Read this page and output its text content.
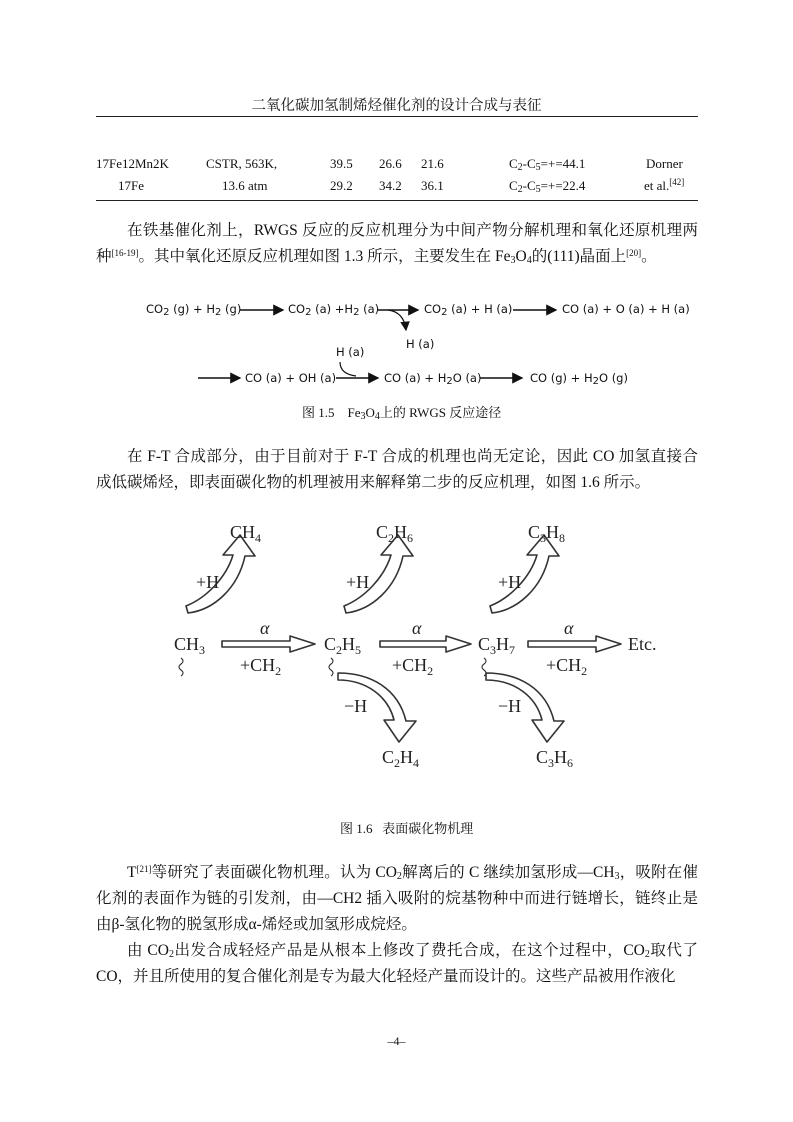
二氧化碳加氢制烯烃催化剂的设计合成与表征
17Fe12Mn2K	CSTR, 563K,	39.5 26.6 21.6	$C_2-C_5=+=44.1$	Dorner
17Fe	13.6 atm	29.2 34.2 36.1	$C_2-C_5=+=22.4$	et al.[42]
在铁基催化剂上，RWGS 反应的反应机理分为中间产物分解机理和氧化还原机理两种[16-19]。其中氧化还原反应机理如图 1.3 所示，主要发生在 $Fe_3O_4$的(111)晶面上[20]。
$CO_2$ $(g) + H_2$ (g)	$CO_2$ $(a) +H_2$ (a)	$CO_2$ (a) + H (a)	CO (a) + O (a) + H (a)
H (a)
H (a)
CO (a) + OH (a)	CO $(a) + H_2O$ (a)	CO $(g) + H_2O$ (g)
图 1.5    $Fe_3O_4$上的 RWGS 反应途径
在 F-T 合成部分，由于目前对于 F-T 合成的机理也尚无定论，因此 CO 加氢直接合成低碳烯烃，即表面碳化物的机理被用来解释第二步的反应机理，如图 1.6 所示。
$CH_4$	$C_2H_6$	$C_3H_8$
+H	+H	+H
$CH_3$	$C_2H_5$	$C_3H_7$	Etc.
α	α	α
$+CH_2$	$+CH_2$	$+CH_2$
−H	−H
$C_2H_4$	$C_3H_6$
图 1.6 表面碳化物机理
T[21]等研究了表面碳化物机理。认为 $CO_2$解离后的 C 继续加氢形成$—CH_3$，吸附在催化剂的表面作为链的引发剂，由—CH2 插入吸附的烷基物种中而进行链增长，链终止是由β-氢化物的脱氢形成α-烯烃或加氢形成烷烃。
由 $CO_2$出发合成轻烃产品是从根本上修改了费托合成，在这个过程中，$CO_2$取代了 CO，并且所使用的复合催化剂是专为最大化轻烃产量而设计的。这些产品被用作液化
–4–
